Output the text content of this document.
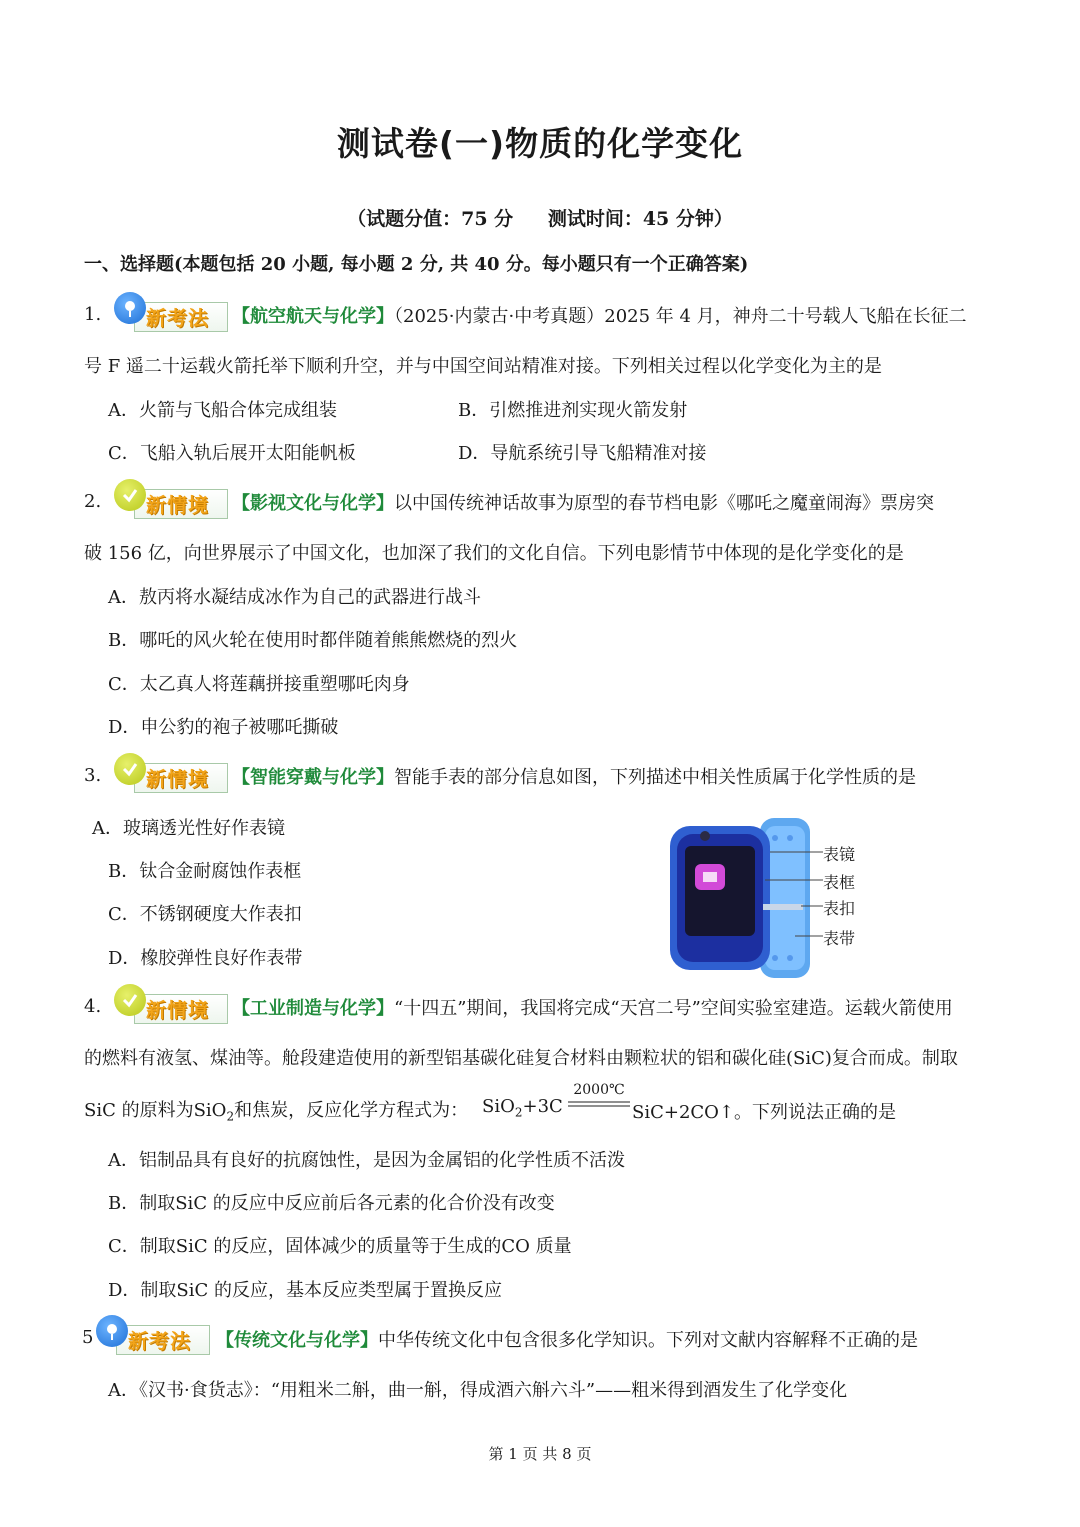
测试卷(一)物质的化学变化
（试题分值：75 分 测试时间：45 分钟）
一、选择题(本题包括 20 小题, 每小题 2 分, 共 40 分。每小题只有一个正确答案)
1. 新考法 【航空航天与化学】（2025·内蒙古·中考真题）2025 年 4 月，神舟二十号载人飞船在长征二
号 F 遥二十运载火箭托举下顺利升空，并与中国空间站精准对接。下列相关过程以化学变化为主的是
A．火箭与飞船合体完成组装	B．引燃推进剂实现火箭发射
C．飞船入轨后展开太阳能帆板	D．导航系统引导飞船精准对接
2. 新情境 【影视文化与化学】以中国传统神话故事为原型的春节档电影《哪吒之魔童闹海》票房突
破 156 亿，向世界展示了中国文化，也加深了我们的文化自信。下列电影情节中体现的是化学变化的是
A．敖丙将水凝结成冰作为自己的武器进行战斗
B．哪吒的风火轮在使用时都伴随着熊熊燃烧的烈火
C．太乙真人将莲藕拼接重塑哪吒肉身
D．申公豹的袍子被哪吒撕破
3. 新情境 【智能穿戴与化学】智能手表的部分信息如图，下列描述中相关性质属于化学性质的是
A．玻璃透光性好作表镜
B．钛合金耐腐蚀作表框
C．不锈钢硬度大作表扣
D．橡胶弹性良好作表带
表镜
表框
表扣
表带
4. 新情境 【工业制造与化学】“十四五”期间，我国将完成“天宫二号”空间实验室建造。运载火箭使用
的燃料有液氢、煤油等。舱段建造使用的新型铝基碳化硅复合材料由颗粒状的铝和碳化硅(SiC)复合而成。制取
SiC 的原料为SiO$_2$和焦炭，反应化学方程式为： SiO$_2$+3C
2000℃
SiC+2CO↑。下列说法正确的是
A．铝制品具有良好的抗腐蚀性，是因为金属铝的化学性质不活泼
B．制取SiC 的反应中反应前后各元素的化合价没有改变
C．制取SiC 的反应，固体减少的质量等于生成的CO 质量
D．制取SiC 的反应，基本反应类型属于置换反应
5 新考法 【传统文化与化学】中华传统文化中包含很多化学知识。下列对文献内容解释不正确的是
A．《汉书·食货志》：“用粗米二斛，曲一斛，得成酒六斛六斗”——粗米得到酒发生了化学变化
第 1 页 共 8 页
